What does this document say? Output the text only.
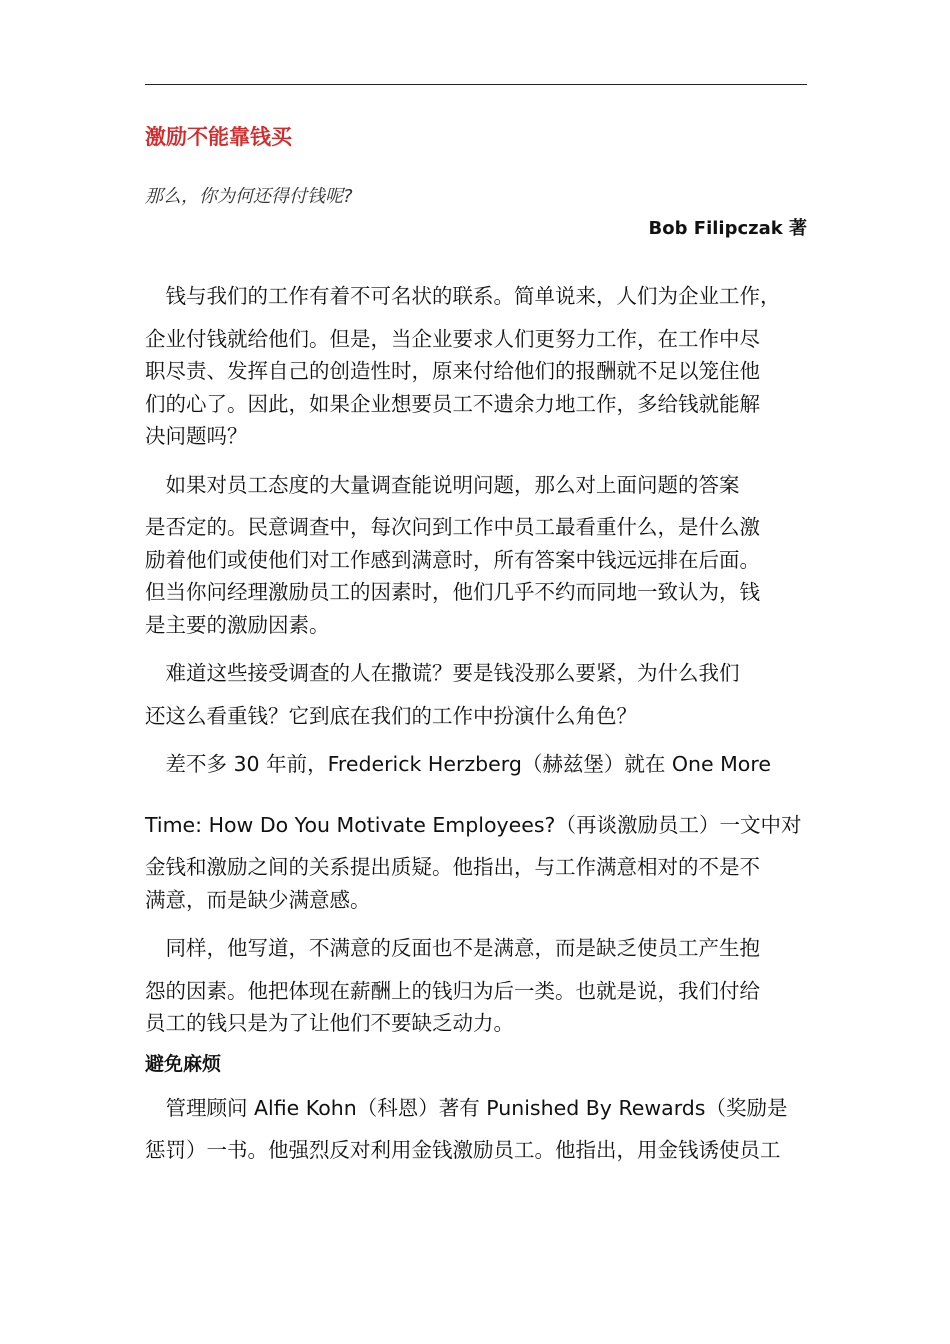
激励不能靠钱买

那么，你为何还得付钱呢?

Bob Filipczak 著

　钱与我们的工作有着不可名状的联系。简单说来，人们为企业工作，
企业付钱就给他们。但是，当企业要求人们更努力工作，在工作中尽
职尽责、发挥自己的创造性时，原来付给他们的报酬就不足以笼住他
们的心了。因此，如果企业想要员工不遗余力地工作，多给钱就能解
决问题吗？
　如果对员工态度的大量调查能说明问题，那么对上面问题的答案
是否定的。民意调查中，每次问到工作中员工最看重什么，是什么激
励着他们或使他们对工作感到满意时，所有答案中钱远远排在后面。
但当你问经理激励员工的因素时，他们几乎不约而同地一致认为，钱
是主要的激励因素。
　难道这些接受调查的人在撒谎？要是钱没那么要紧，为什么我们
还这么看重钱？它到底在我们的工作中扮演什么角色？
　差不多 30 年前，Frederick Herzberg（赫兹堡）就在 One More
Time: How Do You Motivate Employees?（再谈激励员工）一文中对
金钱和激励之间的关系提出质疑。他指出，与工作满意相对的不是不
满意，而是缺少满意感。
　同样，他写道，不满意的反面也不是满意，而是缺乏使员工产生抱
怨的因素。他把体现在薪酬上的钱归为后一类。也就是说，我们付给
员工的钱只是为了让他们不要缺乏动力。
避免麻烦
　管理顾问 Alfie Kohn（科恩）著有 Punished By Rewards（奖励是
惩罚）一书。他强烈反对利用金钱激励员工。他指出，用金钱诱使员工
